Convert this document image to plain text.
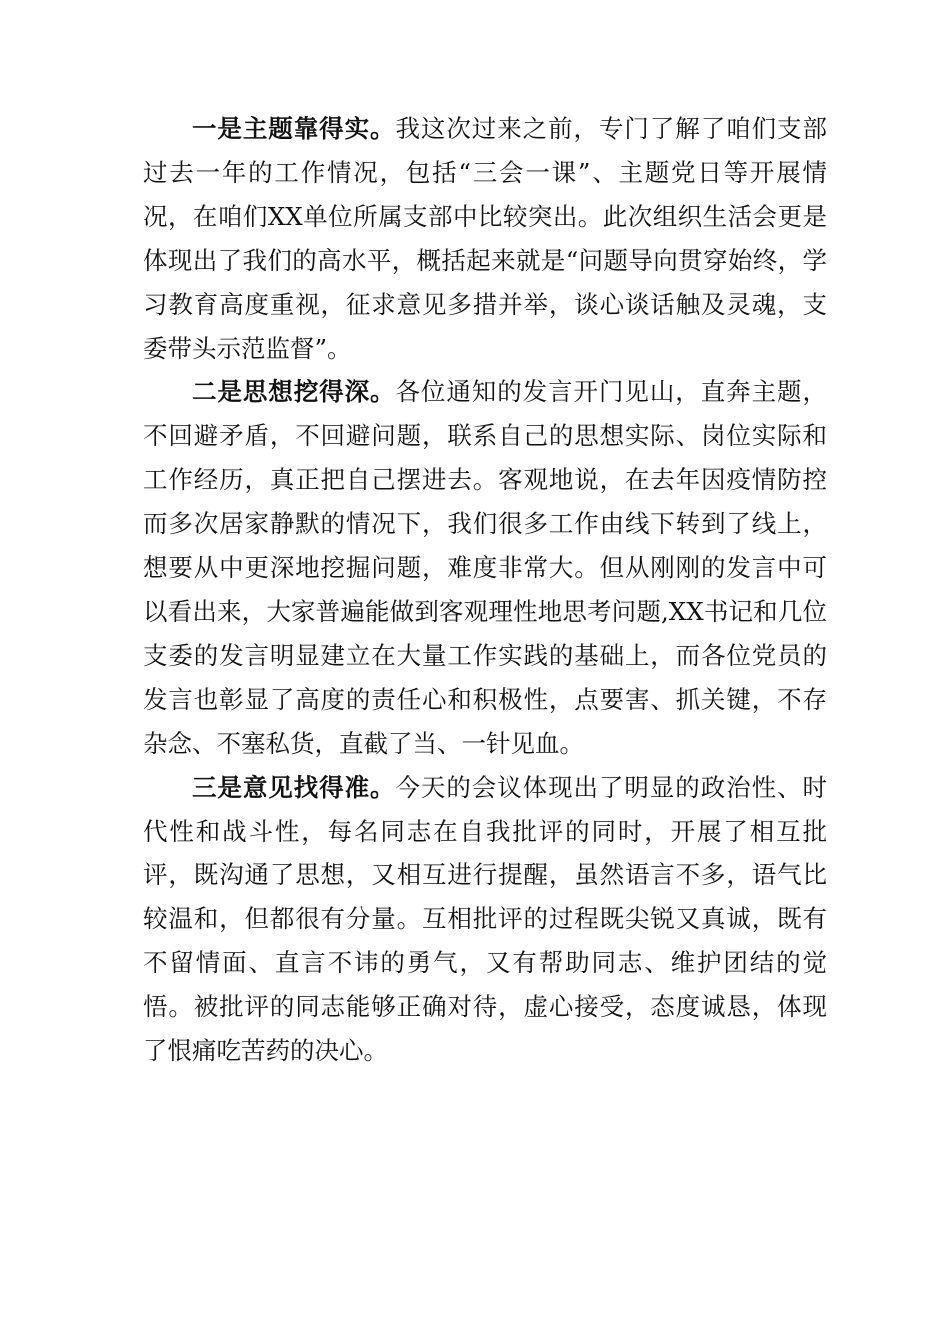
一是主题靠得实。我这次过来之前，专门了解了咱们支部过去一年的工作情况，包括“三会一课”、主题党日等开展情况，在咱们XX单位所属支部中比较突出。此次组织生活会更是体现出了我们的高水平，概括起来就是“问题导向贯穿始终，学习教育高度重视，征求意见多措并举，谈心谈话触及灵魂，支委带头示范监督”。

二是思想挖得深。各位通知的发言开门见山，直奔主题，不回避矛盾，不回避问题，联系自己的思想实际、岗位实际和工作经历，真正把自己摆进去。客观地说，在去年因疫情防控而多次居家静默的情况下，我们很多工作由线下转到了线上，想要从中更深地挖掘问题，难度非常大。但从刚刚的发言中可以看出来，大家普遍能做到客观理性地思考问题,XX书记和几位支委的发言明显建立在大量工作实践的基础上，而各位党员的发言也彰显了高度的责任心和积极性，点要害、抓关键，不存杂念、不塞私货，直截了当、一针见血。

三是意见找得准。今天的会议体现出了明显的政治性、时代性和战斗性，每名同志在自我批评的同时，开展了相互批评，既沟通了思想，又相互进行提醒，虽然语言不多，语气比较温和，但都很有分量。互相批评的过程既尖锐又真诚，既有不留情面、直言不讳的勇气，又有帮助同志、维护团结的觉悟。被批评的同志能够正确对待，虚心接受，态度诚恳，体现了恨痛吃苦药的决心。
